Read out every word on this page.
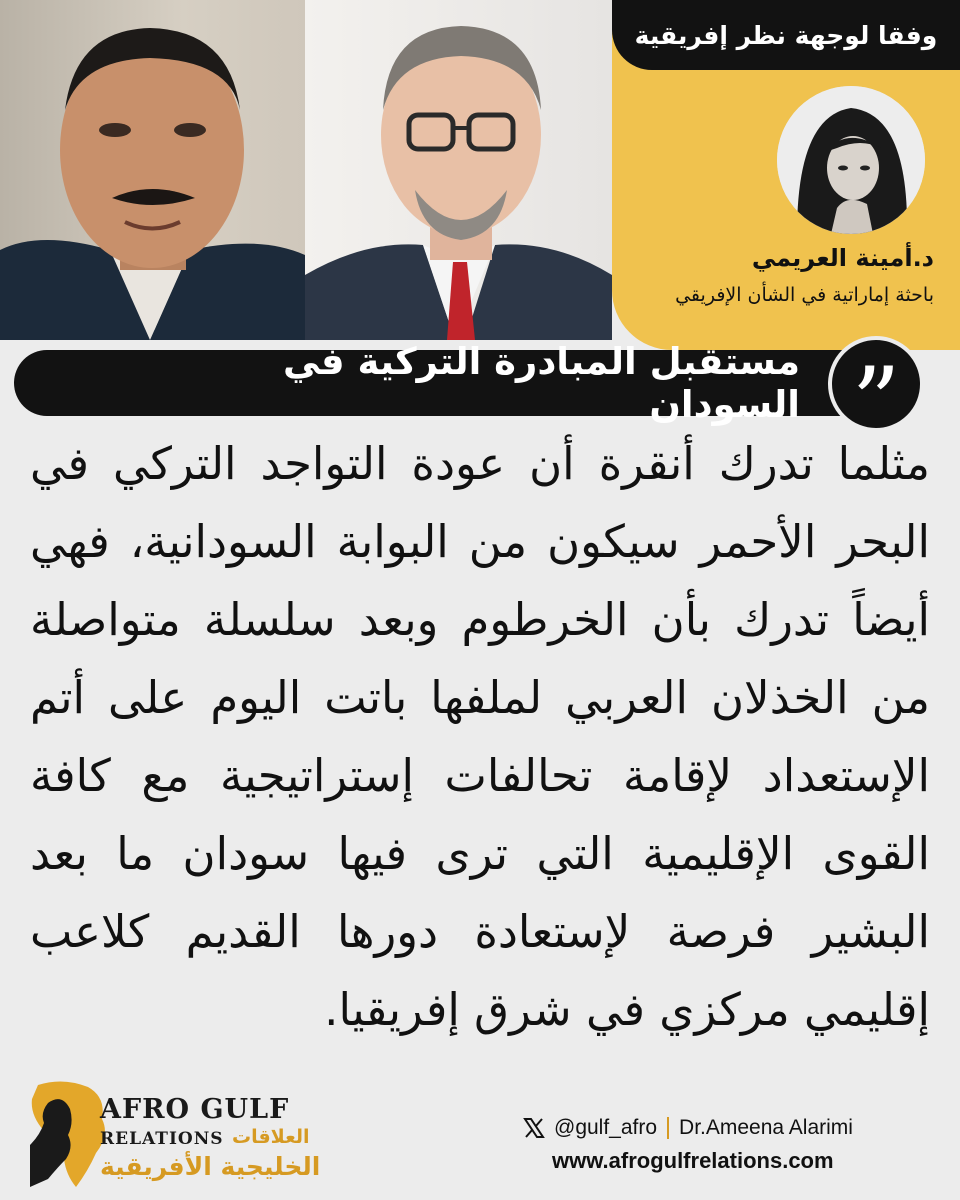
وفقا لوجهة نظر إفريقية
د.أمينة العريمي
باحثة إماراتية في الشأن الإفريقي
مستقبل المبادرة التركية في السودان ”
مثلما تدرك أنقرة أن عودة التواجد التركي في البحر الأحمر سيكون من البوابة السودانية، فهي أيضاً تدرك بأن الخرطوم وبعد سلسلة متواصلة من الخذلان العربي لملفها باتت اليوم على أتم الإستعداد لإقامة تحالفات إستراتيجية مع كافة القوى الإقليمية التي ترى فيها سودان ما بعد البشير فرصة لإستعادة دورها القديم كلاعب إقليمي مركزي في شرق إفريقيا.
AFRO GULF
RELATIONS العلاقات
الخليجية الأفريقية
@gulf_afro Dr.Ameena Alarimi
www.afrogulfrelations.com
